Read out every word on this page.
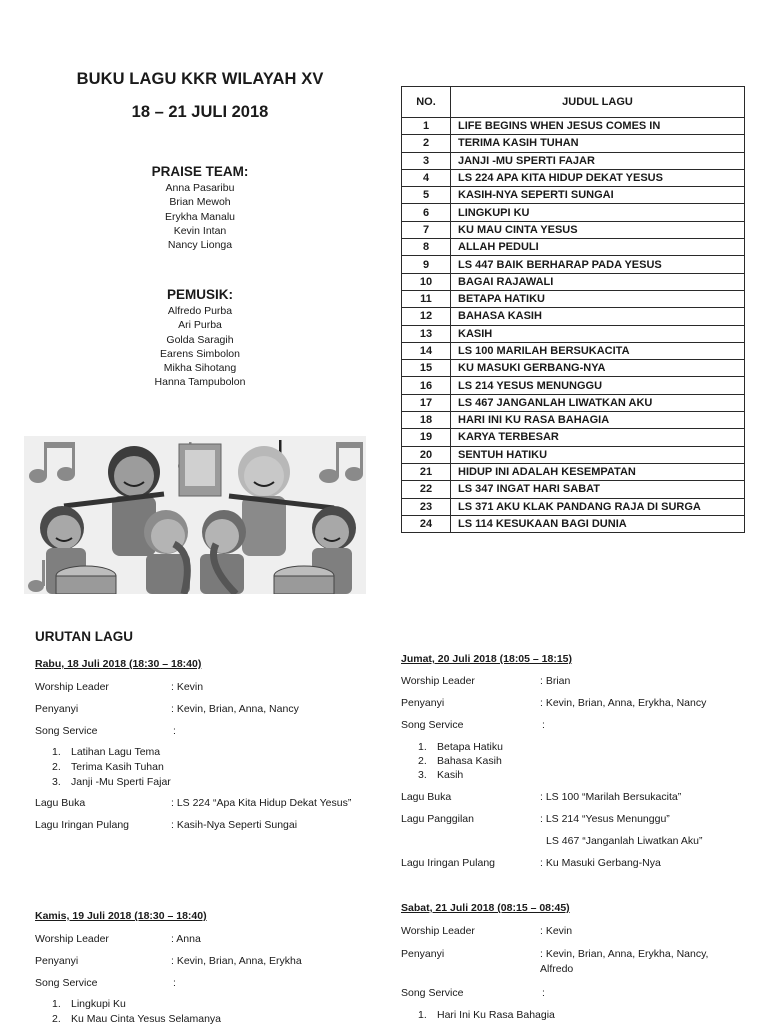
BUKU LAGU KKR WILAYAH XV
18 – 21 JULI 2018
PRAISE TEAM:
Anna Pasaribu
Brian Mewoh
Erykha Manalu
Kevin Intan
Nancy Lionga
PEMUSIK:
Alfredo Purba
Ari Purba
Golda Saragih
Earens Simbolon
Mikha Sihotang
Hanna Tampubolon
NO.	JUDUL LAGU
1	LIFE BEGINS WHEN JESUS COMES IN
2	TERIMA KASIH TUHAN
3	JANJI -MU SPERTI FAJAR
4	LS 224 APA KITA HIDUP DEKAT YESUS
5	KASIH-NYA SEPERTI SUNGAI
6	LINGKUPI KU
7	KU MAU CINTA YESUS
8	ALLAH PEDULI
9	LS 447 BAIK BERHARAP PADA YESUS
10	BAGAI RAJAWALI
11	BETAPA HATIKU
12	BAHASA KASIH
13	KASIH
14	LS 100 MARILAH BERSUKACITA
15	KU MASUKI GERBANG-NYA
16	LS 214 YESUS MENUNGGU
17	LS 467 JANGANLAH LIWATKAN AKU
18	HARI INI KU RASA BAHAGIA
19	KARYA TERBESAR
20	SENTUH HATIKU
21	HIDUP INI ADALAH KESEMPATAN
22	LS 347 INGAT HARI SABAT
23	LS 371 AKU KLAK PANDANG RAJA DI SURGA
24	LS 114 KESUKAAN BAGI DUNIA
URUTAN LAGU
Rabu, 18 Juli 2018 (18:30 – 18:40)
Worship Leader	: Kevin
Penyanyi	: Kevin, Brian, Anna, Nancy
Song Service	:
1. Latihan Lagu Tema
2. Terima Kasih Tuhan
3. Janji -Mu Sperti Fajar
Lagu Buka	: LS 224 “Apa Kita Hidup Dekat Yesus”
Lagu Iringan Pulang	: Kasih-Nya Seperti Sungai
Kamis, 19 Juli 2018 (18:30 – 18:40)
Worship Leader	: Anna
Penyanyi	: Kevin, Brian, Anna, Erykha
Song Service	:
1. Lingkupi Ku
2. Ku Mau Cinta Yesus Selamanya
Jumat, 20 Juli 2018 (18:05 – 18:15)
Worship Leader	: Brian
Penyanyi	: Kevin, Brian, Anna, Erykha, Nancy
Song Service	:
1. Betapa Hatiku
2. Bahasa Kasih
3. Kasih
Lagu Buka	: LS 100 “Marilah Bersukacita”
Lagu Panggilan	: LS 214 “Yesus Menunggu”
LS 467 “Janganlah Liwatkan Aku”
Lagu Iringan Pulang	: Ku Masuki Gerbang-Nya
Sabat, 21 Juli 2018 (08:15 – 08:45)
Worship Leader	: Kevin
Penyanyi	: Kevin, Brian, Anna, Erykha, Nancy,
Alfredo
Song Service	:
1. Hari Ini Ku Rasa Bahagia
